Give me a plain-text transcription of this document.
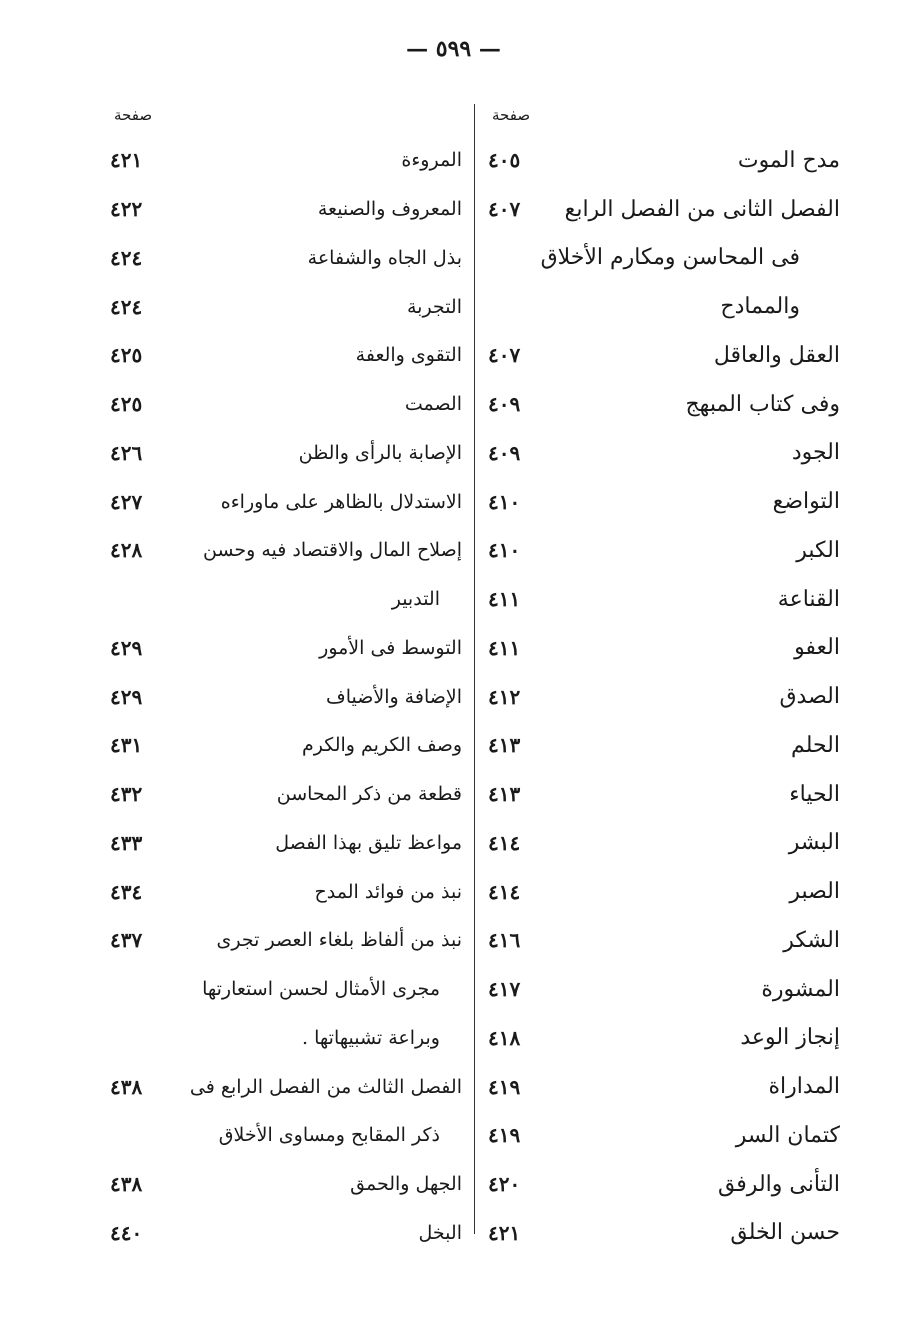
— ٥٩٩ —
صفحة
صفحة
مدح الموت
٤٠٥
الفصل الثانى من الفصل الرابع
٤٠٧
فى المحاسن ومكارم الأخلاق
والممادح
العقل والعاقل
٤٠٧
وفى كتاب المبهج
٤٠٩
الجود
٤٠٩
التواضع
٤١٠
الكبر
٤١٠
القناعة
٤١١
العفو
٤١١
الصدق
٤١٢
الحلم
٤١٣
الحياء
٤١٣
البشر
٤١٤
الصبر
٤١٤
الشكر
٤١٦
المشورة
٤١٧
إنجاز الوعد
٤١٨
المداراة
٤١٩
كتمان السر
٤١٩
التأنى والرفق
٤٢٠
حسن الخلق
٤٢١
المروءة
٤٢١
المعروف والصنيعة
٤٢٢
بذل الجاه والشفاعة
٤٢٤
التجربة
٤٢٤
التقوى والعفة
٤٢٥
الصمت
٤٢٥
الإصابة بالرأى والظن
٤٢٦
الاستدلال بالظاهر على ماوراءه
٤٢٧
إصلاح المال والاقتصاد فيه وحسن
٤٢٨
التدبير
التوسط فى الأمور
٤٢٩
الإضافة والأضياف
٤٢٩
وصف الكريم والكرم
٤٣١
قطعة من ذكر المحاسن
٤٣٢
مواعظ تليق بهذا الفصل
٤٣٣
نبذ من فوائد المدح
٤٣٤
نبذ من ألفاظ بلغاء العصر تجرى
٤٣٧
مجرى الأمثال لحسن استعارتها
وبراعة تشبيهاتها .
الفصل الثالث من الفصل الرابع فى
٤٣٨
ذكر المقابح ومساوى الأخلاق
الجهل والحمق
٤٣٨
البخل
٤٤٠
